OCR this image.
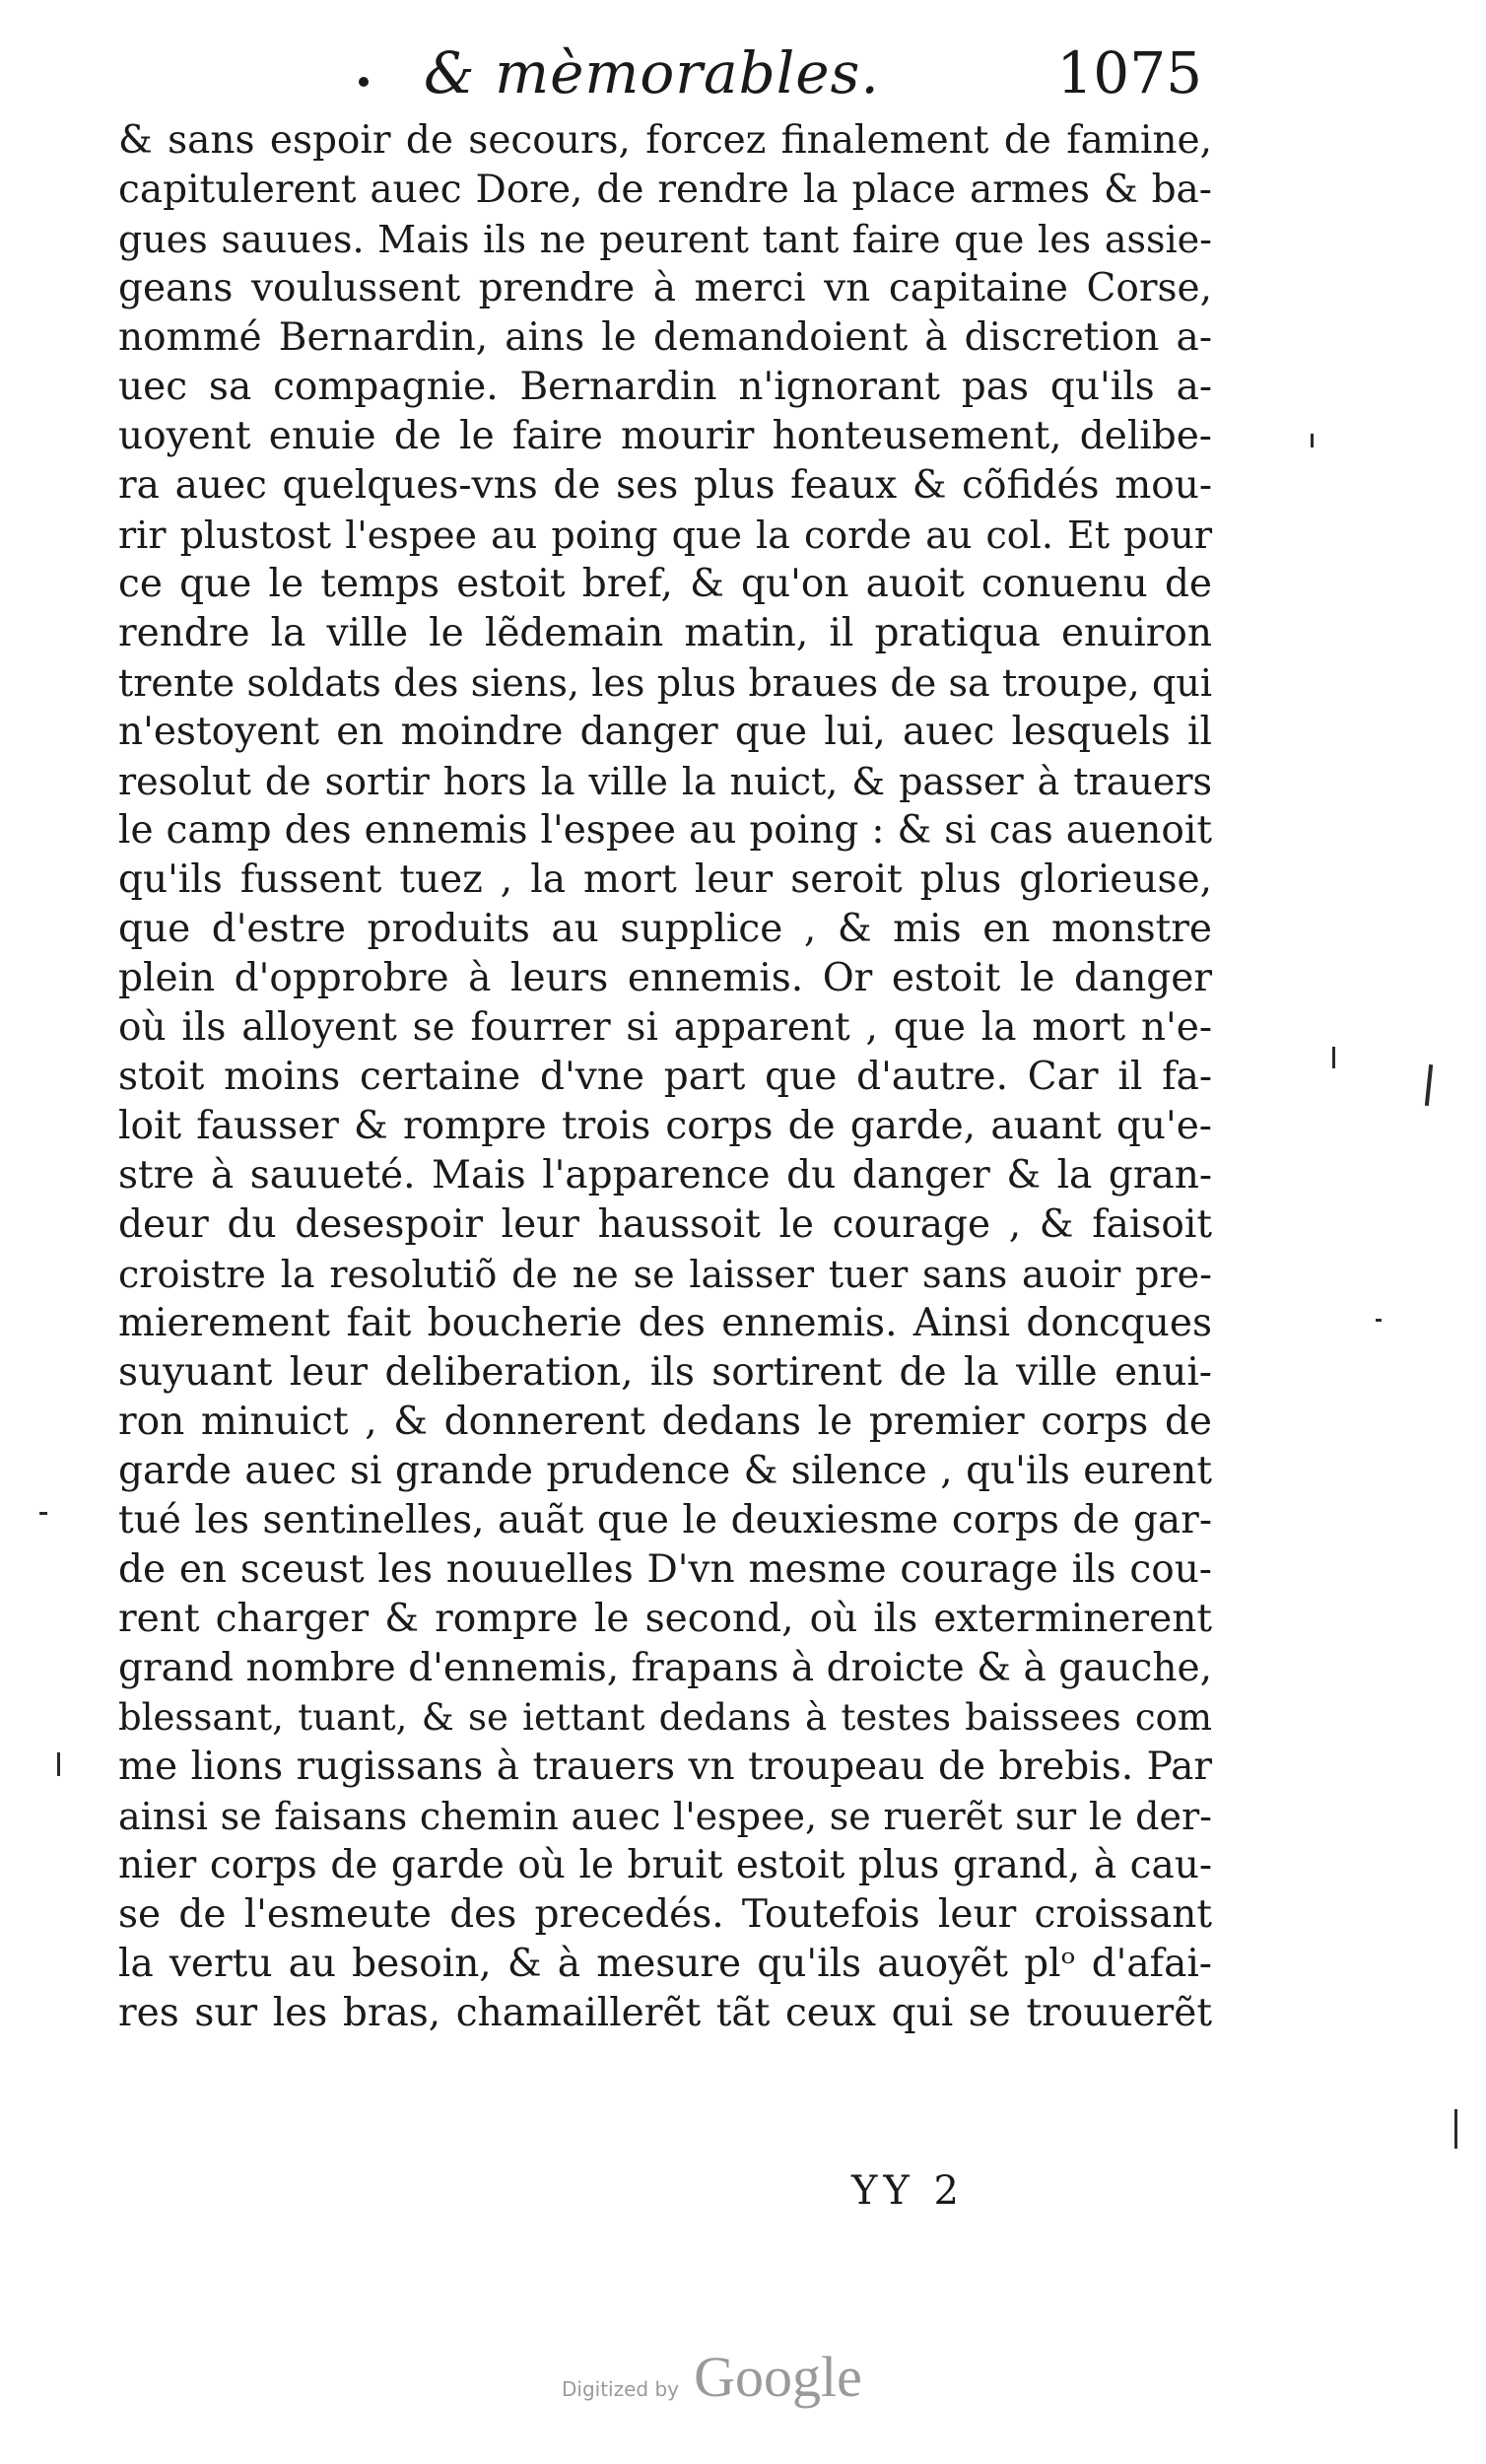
& mèmorables.	1075
& sans espoir de secours, forcez finalement de famine,
capitulerent auec Dore, de rendre la place armes & ba-
gues sauues. Mais ils ne peurent tant faire que les assie-
geans voulussent prendre à merci vn capitaine Corse,
nommé Bernardin, ains le demandoient à discretion a-
uec sa compagnie. Bernardin n'ignorant pas qu'ils a-
uoyent enuie de le faire mourir honteusement, delibe-
ra auec quelques-vns de ses plus feaux & cõfidés mou-
rir plustost l'espee au poing que la corde au col. Et pour
ce que le temps estoit bref, & qu'on auoit conuenu de
rendre la ville le lẽdemain matin, il pratiqua enuiron
trente soldats des siens, les plus braues de sa troupe, qui
n'estoyent en moindre danger que lui, auec lesquels il
resolut de sortir hors la ville la nuict, & passer à trauers
le camp des ennemis l'espee au poing : & si cas auenoit
qu'ils fussent tuez , la mort leur seroit plus glorieuse,
que d'estre produits au supplice , & mis en monstre
plein d'opprobre à leurs ennemis. Or estoit le danger
où ils alloyent se fourrer si apparent , que la mort n'e-
stoit moins certaine d'vne part que d'autre. Car il fa-
loit fausser & rompre trois corps de garde, auant qu'e-
stre à sauueté. Mais l'apparence du danger & la gran-
deur du desespoir leur haussoit le courage , & faisoit
croistre la resolutiõ de ne se laisser tuer sans auoir pre-
mierement fait boucherie des ennemis. Ainsi doncques
suyuant leur deliberation, ils sortirent de la ville enui-
ron minuict , & donnerent dedans le premier corps de
garde auec si grande prudence & silence , qu'ils eurent
tué les sentinelles, auãt que le deuxiesme corps de gar-
de en sceust les nouuelles D'vn mesme courage ils cou-
rent charger & rompre le second, où ils exterminerent
grand nombre d'ennemis, frapans à droicte & à gauche,
blessant, tuant, & se iettant dedans à testes baissees com
me lions rugissans à trauers vn troupeau de brebis. Par
ainsi se faisans chemin auec l'espee, se ruerẽt sur le der-
nier corps de garde où le bruit estoit plus grand, à cau-
se de l'esmeute des precedés. Toutefois leur croissant
la vertu au besoin, & à mesure qu'ils auoyẽt plᵒ d'afai-
res sur les bras, chamaillerẽt tãt ceux qui se trouuerẽt
YY 2
Digitized by Google
